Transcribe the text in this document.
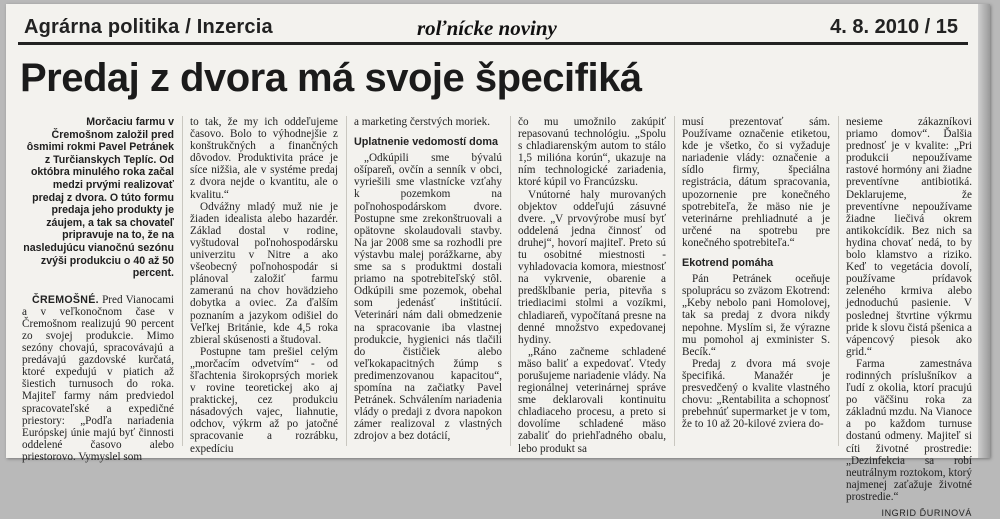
Agrárna politika / Inzercia	roľnícke noviny	4. 8. 2010 / 15
Predaj z dvora má svoje špecifiká

Morčaciu farmu v Čremošnom založil pred ôsmimi rokmi Pavel Petránek z Turčianskych Teplíc. Od októbra minulého roka začal medzi prvými realizovať predaj z dvora. O túto formu predaja jeho produkty je záujem, a tak sa chovateľ pripravuje na to, že na nasledujúcu vianočnú sezónu zvýši produkciu o 40 až 50 percent.

ČREMOŠNÉ. Pred Vianocami a v veľkonočnom čase v Čremošnom realizujú 90 percent zo svojej produkcie. Mimo sezóny chovajú, spracovávajú a predávajú gazdovské kurčatá, ktoré expedujú v piatich až šiestich turnusoch do roka. Majiteľ farmy nám predviedol spracovateľské a expedičné priestory: „Podľa nariadenia Európskej únie majú byť činnosti oddelené časovo alebo priestorovo. Vymyslel som

to tak, že my ich oddeľujeme časovo. Bolo to výhodnejšie z konštrukčných a finančných dôvodov. Produktivita práce je síce nižšia, ale v systéme predaj z dvora nejde o kvantitu, ale o kvalitu.“

Odvážny mladý muž nie je žiaden idealista alebo hazardér. Základ dostal v rodine, vyštudoval poľnohospodársku univerzitu v Nitre a ako všeobecný poľnohospodár si plánoval založiť farmu zameranú na chov hovädzieho dobytka a oviec. Za ďalším poznaním a jazykom odišiel do Veľkej Británie, kde 4,5 roka zbieral skúsenosti a študoval.

Postupne tam prešiel celým „morčacím odvetvím“ - od šľachtenia širokoprsých moriek v rovine teoretickej ako aj praktickej, cez produkciu násadových vajec, liahnutie, odchov, výkrm až po jatočné spracovanie a rozrábku, expedíciu

a marketing čerstvých moriek.

Uplatnenie vedomostí doma

„Odkúpili sme bývalú ošípareň, ovčín a senník v obci, vyriešili sme vlastnícke vzťahy k pozemkom na poľnohospodárskom dvore. Postupne sme zrekonštruovali a opätovne skolaudovali stavby. Na jar 2008 sme sa rozhodli pre výstavbu malej porážkarne, aby sme sa s produktmi dostali priamo na spotrebiteľský stôl. Odkúpili sme pozemok, obehal som jedenásť inštitúcií. Veterinári nám dali obmedzenie na spracovanie iba vlastnej produkcie, hygienici nás tlačili do čističiek alebo veľkokapacitných žúmp s predimenzovanou kapacitou“, spomína na začiatky Pavel Petránek. Schválením nariadenia vlády o predaji z dvora napokon zámer realizoval z vlastných zdrojov a bez dotácií,

čo mu umožnilo zakúpiť repasovanú technológiu. „Spolu s chladiarenským autom to stálo 1,5 milióna korún“, ukazuje na ním technologické zariadenia, ktoré kúpil vo Francúzsku.

Vnútorné haly murovaných objektov oddeľujú zásuvné dvere. „V prvovýrobe musí byť oddelená jedna činnosť od druhej“, hovorí majiteľ. Preto sú tu osobitné miestnosti - vyhladovacia komora, miestnosť na vykrvenie, obarenie a predšklbanie peria, pitevňa s triediacimi stolmi a vozíkmi, chladiareň, vypočítaná presne na denné množstvo expedovanej hydiny.

„Ráno začneme schladené mäso baliť a expedovať. Vtedy porušujeme nariadenie vlády. Na regionálnej veterinárnej správe sme deklarovali kontinuitu chladiaceho procesu, a preto si dovolíme schladené mäso zabaliť do priehľadného obalu, lebo produkt sa

musí prezentovať sám. Používame označenie etiketou, kde je všetko, čo si vyžaduje nariadenie vlády: označenie a sídlo firmy, špeciálna registrácia, dátum spracovania, upozornenie pre konečného spotrebiteľa, že mäso nie je veterinárne prehliadnuté a je určené na spotrebu pre konečného spotrebiteľa.“

Ekotrend pomáha

Pán Petránek oceňuje spoluprácu so zväzom Ekotrend: „Keby nebolo pani Homolovej, tak sa predaj z dvora nikdy nepohne. Myslím si, že výrazne mu pomohol aj exminister S. Becík.“

Predaj z dvora má svoje špecifiká. Manažér je presvedčený o kvalite vlastného chovu: „Rentabilita a schopnosť prebehnúť supermarket je v tom, že to 10 až 20-kilové zviera do-

nesieme zákazníkovi priamo domov“. Ďalšia prednosť je v kvalite: „Pri produkcii nepoužívame rastové hormóny ani žiadne preventívne antibiotiká. Deklarujeme, že preventívne nepoužívame žiadne liečivá okrem antikokcídik. Bez nich sa hydina chovať nedá, to by bolo klamstvo a riziko. Keď to vegetácia dovolí, používame prídavok zeleného krmiva alebo jednoduchú pasienie. V poslednej štvrtine výkrmu pride k slovu čistá pšenica a vápencový piesok ako grid.“

Farma zamestnáva rodinných príslušníkov a ľudí z okolia, ktorí pracujú po väčšinu roka za základnú mzdu. Na Vianoce a po každom turnuse dostanú odmeny. Majiteľ si cíti životné prostredie: „Dezinfekcia sa robí neutrálnym roztokom, ktorý najmenej zaťažuje životné prostredie.“

INGRID ĎURINOVÁ
